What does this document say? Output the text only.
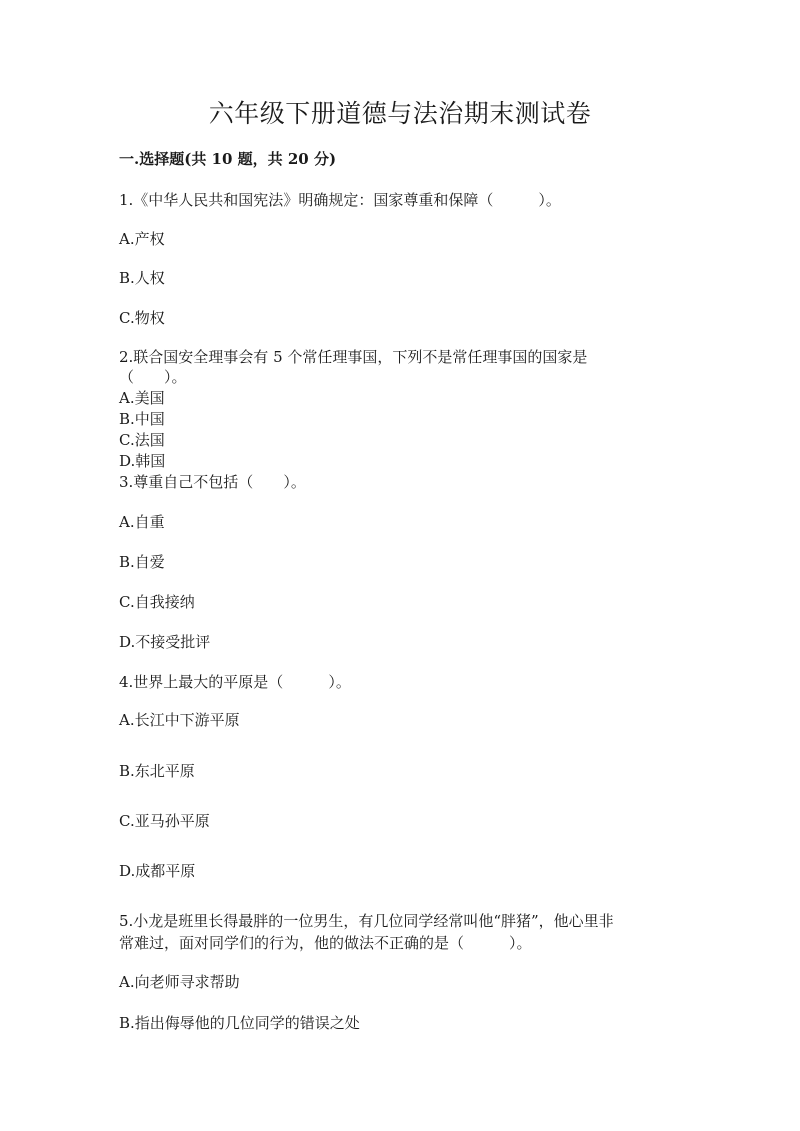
六年级下册道德与法治期末测试卷
一.选择题(共 10 题，共 20 分)
1.《中华人民共和国宪法》明确规定：国家尊重和保障（　　　）。
A.产权
B.人权
C.物权
2.联合国安全理事会有 5 个常任理事国，下列不是常任理事国的国家是
（　　）。
A.美国
B.中国
C.法国
D.韩国
3.尊重自己不包括（　　）。
A.自重
B.自爱
C.自我接纳
D.不接受批评
4.世界上最大的平原是（　　　）。
A.长江中下游平原
B.东北平原
C.亚马孙平原
D.成都平原
5.小龙是班里长得最胖的一位男生，有几位同学经常叫他“胖猪”，他心里非
常难过，面对同学们的行为，他的做法不正确的是（　　　）。
A.向老师寻求帮助
B.指出侮辱他的几位同学的错误之处
